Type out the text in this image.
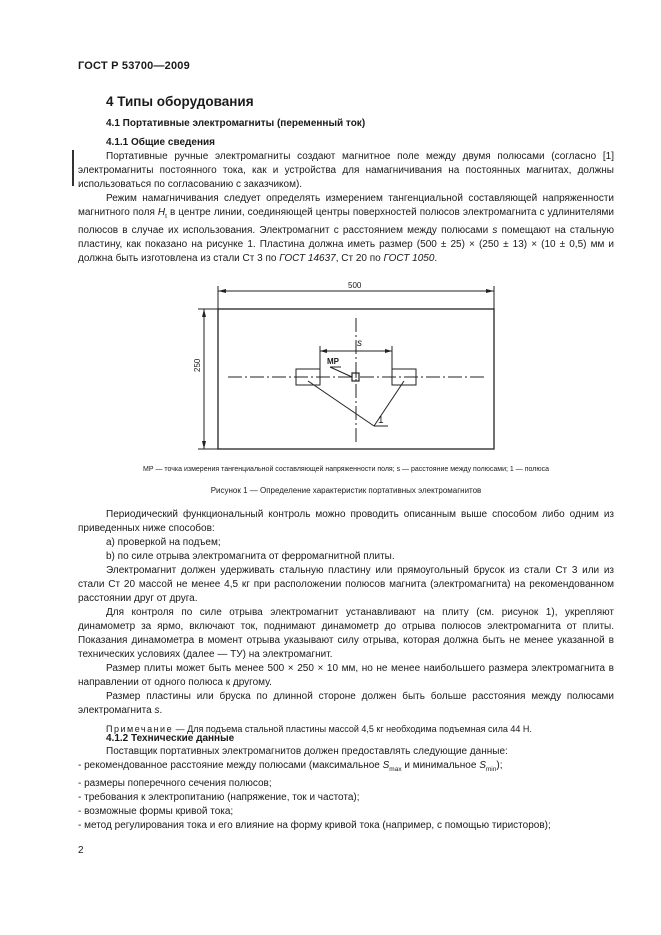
ГОСТ Р 53700—2009
4 Типы оборудования
4.1 Портативные электромагниты (переменный ток)
4.1.1 Общие сведения

Портативные ручные электромагниты создают магнитное поле между двумя полюсами (согласно [1] электромагниты постоянного тока, как и устройства для намагничивания на постоянных магнитах, должны использоваться по согласованию с заказчиком).

Режим намагничивания следует определять измерением тангенциальной составляющей напряженности магнитного поля $H_t$ в центре линии, соединяющей центры поверхностей полюсов электромагнита с удлинителями полюсов в случае их использования. Электромагнит с расстоянием между полюсами s помещают на стальную пластину, как показано на рисунке 1. Пластина должна иметь размер (500 ± 25) × (250 ± 13) × (10 ± 0,5) мм и должна быть изготовлена из стали Ст 3 по ГОСТ 14637, Ст 20 по ГОСТ 1050.

500
250
s
MP
1
МР — точка измерения тангенциальной составляющей напряженности поля; s — расстояние между полюсами; 1 — полюса
Рисунок 1 — Определение характеристик портативных электромагнитов

Периодический функциональный контроль можно проводить описанным выше способом либо одним из приведенных ниже способов:

a) проверкой на подъем;

b) по силе отрыва электромагнита от ферромагнитной плиты.

Электромагнит должен удерживать стальную пластину или прямоугольный брусок из стали Ст 3 или из стали Ст 20 массой не менее 4,5 кг при расположении полюсов магнита (электромагнита) на рекомендованном расстоянии друг от друга.

Для контроля по силе отрыва электромагнит устанавливают на плиту (см. рисунок 1), укрепляют динамометр за ярмо, включают ток, поднимают динамометр до отрыва полюсов электромагнита от плиты. Показания динамометра в момент отрыва указывают силу отрыва, которая должна быть не менее указанной в технических условиях (далее — ТУ) на электромагнит.

Размер плиты может быть менее 500 × 250 × 10 мм, но не менее наибольшего размера электромагнита в направлении от одного полюса к другому.

Размер пластины или бруска по длинной стороне должен быть больше расстояния между полюсами электромагнита s.

Примечание — Для подъема стальной пластины массой 4,5 кг необходима подъемная сила 44 Н.

4.1.2 Технические данные

Поставщик портативных электромагнитов должен предоставлять следующие данные:

- рекомендованное расстояние между полюсами (максимальное $S_{max}$ и минимальное $S_{min}$);

- размеры поперечного сечения полюсов;

- требования к электропитанию (напряжение, ток и частота);

- возможные формы кривой тока;

- метод регулирования тока и его влияние на форму кривой тока (например, с помощью тиристоров);

2
